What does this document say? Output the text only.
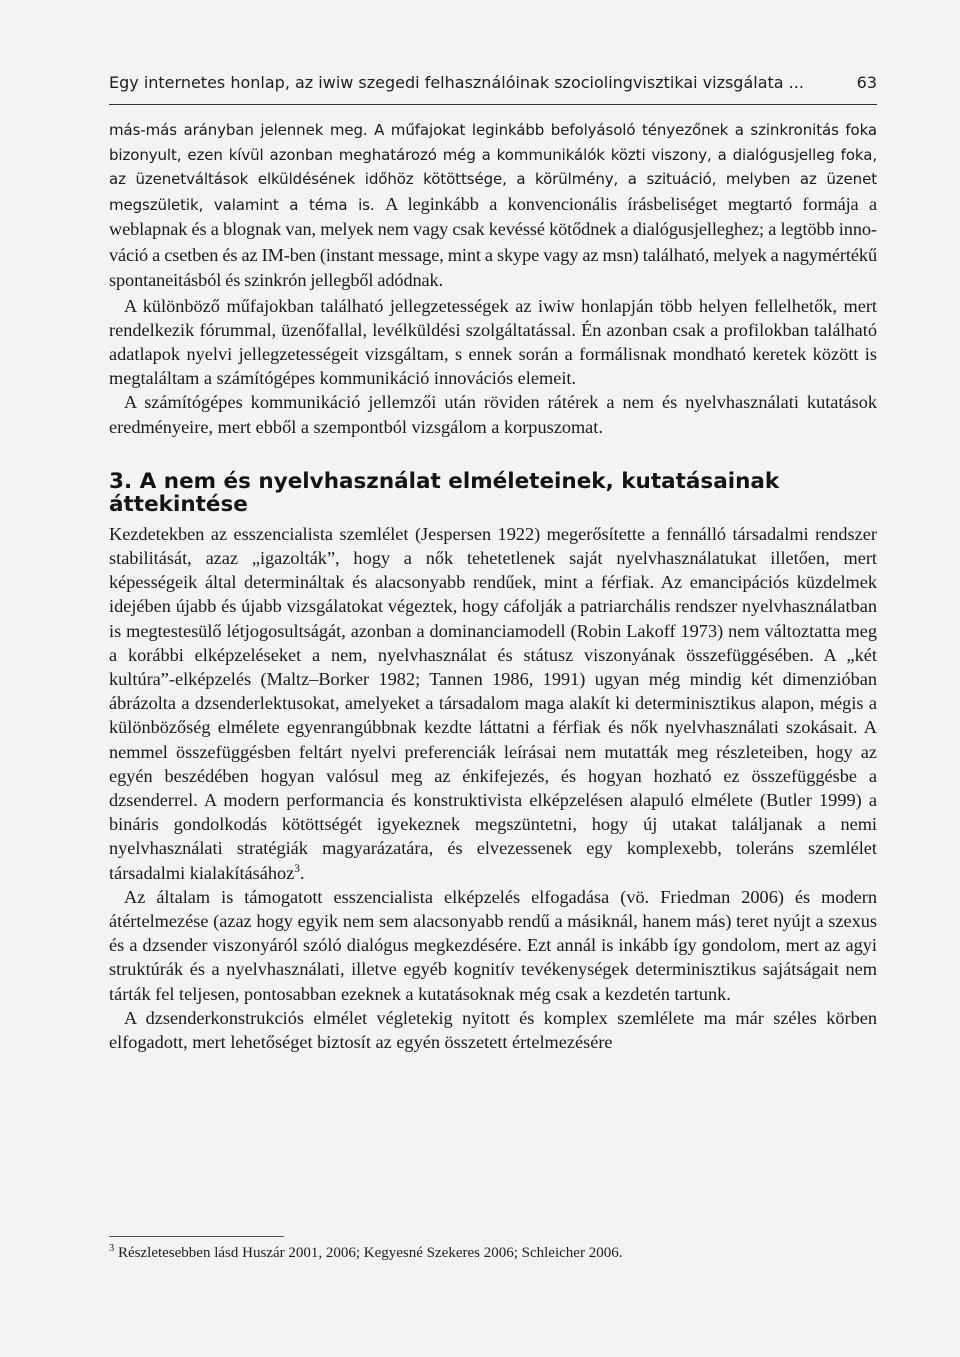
Egy internetes honlap, az iwiw szegedi felhasználóinak szociolingvisztikai vizsgálata ...	63

más-más arányban jelennek meg. A műfajokat leginkább befolyásoló tényezőnek a szinkronitás foka bizonyult, ezen kívül azonban meghatározó még a kommunikálók közti viszony, a dialógusjelleg foka, az üzenetváltások elküldésének időhöz kötöttsége, a körülmény, a szituáció, melyben az üzenet megszületik, valamint a téma is. A leginkább a konvencionális írásbeliséget megtartó formája a weblapnak és a blognak van, melyek nem vagy csak kevéssé kötődnek a dialógusjelleghez; a legtöbb innováció a csetben és az IM-ben (instant message, mint a skype vagy az msn) található, melyek a nagymértékű spontaneitásból és szinkrón jellegből adódnak.

A különböző műfajokban található jellegzetességek az iwiw honlapján több helyen fellelhetők, mert rendelkezik fórummal, üzenőfallal, levélküldési szolgáltatással. Én azonban csak a profilokban található adatlapok nyelvi jellegzetességeit vizsgáltam, s ennek során a formálisnak mondható keretek között is megtaláltam a számítógépes kommunikáció innovációs elemeit.

A számítógépes kommunikáció jellemzői után röviden rátérek a nem és nyelvhasználati kutatások eredményeire, mert ebből a szempontból vizsgálom a korpuszomat.

3. A nem és nyelvhasználat elméleteinek, kutatásainak áttekintése

Kezdetekben az esszencialista szemlélet (Jespersen 1922) megerősítette a fennálló társadalmi rendszer stabilitását, azaz „igazolták”, hogy a nők tehetetlenek saját nyelvhasználatukat illetően, mert képességeik által determináltak és alacsonyabb rendűek, mint a férfiak. Az emancipációs küzdelmek idejében újabb és újabb vizsgálatokat végeztek, hogy cáfolják a patriarchális rendszer nyelvhasználatban is megtestesülő létjogosultságát, azonban a dominanciamodell (Robin Lakoff 1973) nem változtatta meg a korábbi elképzeléseket a nem, nyelvhasználat és státusz viszonyának összefüggésében. A „két kultúra”-elképzelés (Maltz–Borker 1982; Tannen 1986, 1991) ugyan még mindig két dimenzióban ábrázolta a dzsenderlektusokat, amelyeket a társadalom maga alakít ki determinisztikus alapon, mégis a különbözőség elmélete egyenrangúbbnak kezdte láttatni a férfiak és nők nyelvhasználati szokásait. A nemmel összefüggésben feltárt nyelvi preferenciák leírásai nem mutatták meg részleteiben, hogy az egyén beszédében hogyan valósul meg az énkifejezés, és hogyan hozható ez összefüggésbe a dzsenderrel. A modern performancia és konstruktivista elképzelésen alapuló elmélete (Butler 1999) a bináris gondolkodás kötöttségét igyekeznek megszüntetni, hogy új utakat találjanak a nemi nyelvhasználati stratégiák magyarázatára, és elvezessenek egy komplexebb, toleráns szemlélet társadalmi kialakításához$^3$.

Az általam is támogatott esszencialista elképzelés elfogadása (vö. Friedman 2006) és modern átértelmezése (azaz hogy egyik nem sem alacsonyabb rendű a másiknál, hanem más) teret nyújt a szexus és a dzsender viszonyáról szóló dialógus megkezdésére. Ezt annál is inkább így gondolom, mert az agyi struktúrák és a nyelvhasználati, illetve egyéb kognitív tevékenységek determinisztikus sajátságait nem tárták fel teljesen, pontosabban ezeknek a kutatásoknak még csak a kezdetén tartunk.

A dzsenderkonstrukciós elmélet végletekig nyitott és komplex szemlélete ma már széles körben elfogadott, mert lehetőséget biztosít az egyén összetett értelmezésére

$^3$ Részletesebben lásd Huszár 2001, 2006; Kegyesné Szekeres 2006; Schleicher 2006.
